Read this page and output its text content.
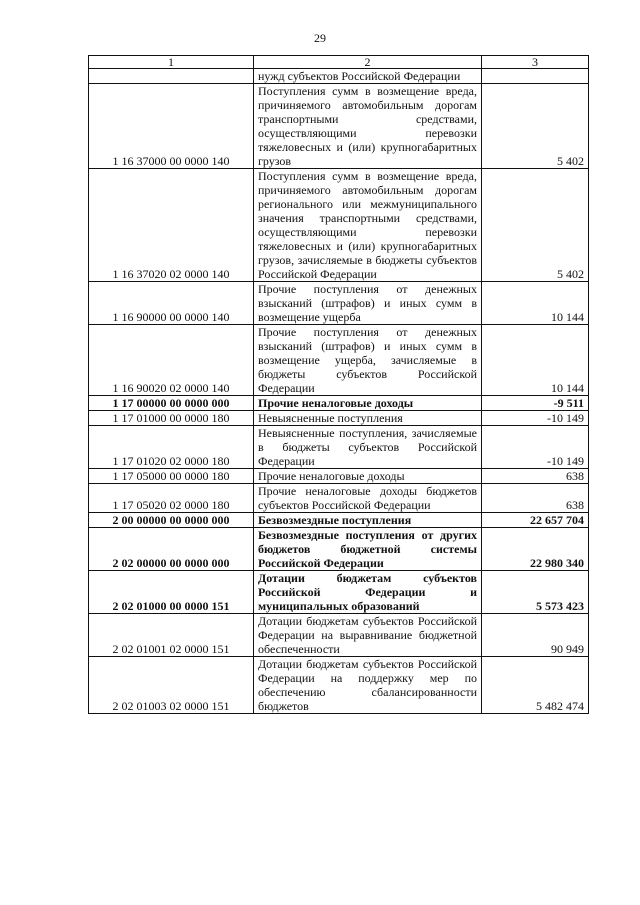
29
1	2	3
	нужд субъектов Российской Федерации	
1 16 37000 00 0000 140	Поступления сумм в возмещение вреда, причиняемого автомобильным дорогам транспортными средствами, осуществляющими перевозки тяжеловесных и (или) крупногабаритных грузов	5 402
1 16 37020 02 0000 140	Поступления сумм в возмещение вреда, причиняемого автомобильным дорогам регионального или межмуниципального значения транспортными средствами, осуществляющими перевозки тяжеловесных и (или) крупногабаритных грузов, зачисляемые в бюджеты субъектов Российской Федерации	5 402
1 16 90000 00 0000 140	Прочие поступления от денежных взысканий (штрафов) и иных сумм в возмещение ущерба	10 144
1 16 90020 02 0000 140	Прочие поступления от денежных взысканий (штрафов) и иных сумм в возмещение ущерба, зачисляемые в бюджеты субъектов Российской Федерации	10 144
1 17 00000 00 0000 000	Прочие неналоговые доходы	-9 511
1 17 01000 00 0000 180	Невыясненные поступления	-10 149
1 17 01020 02 0000 180	Невыясненные поступления, зачисляемые в бюджеты субъектов Российской Федерации	-10 149
1 17 05000 00 0000 180	Прочие неналоговые доходы	638
1 17 05020 02 0000 180	Прочие неналоговые доходы бюджетов субъектов Российской Федерации	638
2 00 00000 00 0000 000	Безвозмездные поступления	22 657 704
2 02 00000 00 0000 000	Безвозмездные поступления от других бюджетов бюджетной системы Российской Федерации	22 980 340
2 02 01000 00 0000 151	Дотации бюджетам субъектов Российской Федерации и муниципальных образований	5 573 423
2 02 01001 02 0000 151	Дотации бюджетам субъектов Российской Федерации на выравнивание бюджетной обеспеченности	90 949
2 02 01003 02 0000 151	Дотации бюджетам субъектов Российской Федерации на поддержку мер по обеспечению сбалансированности бюджетов	5 482 474
